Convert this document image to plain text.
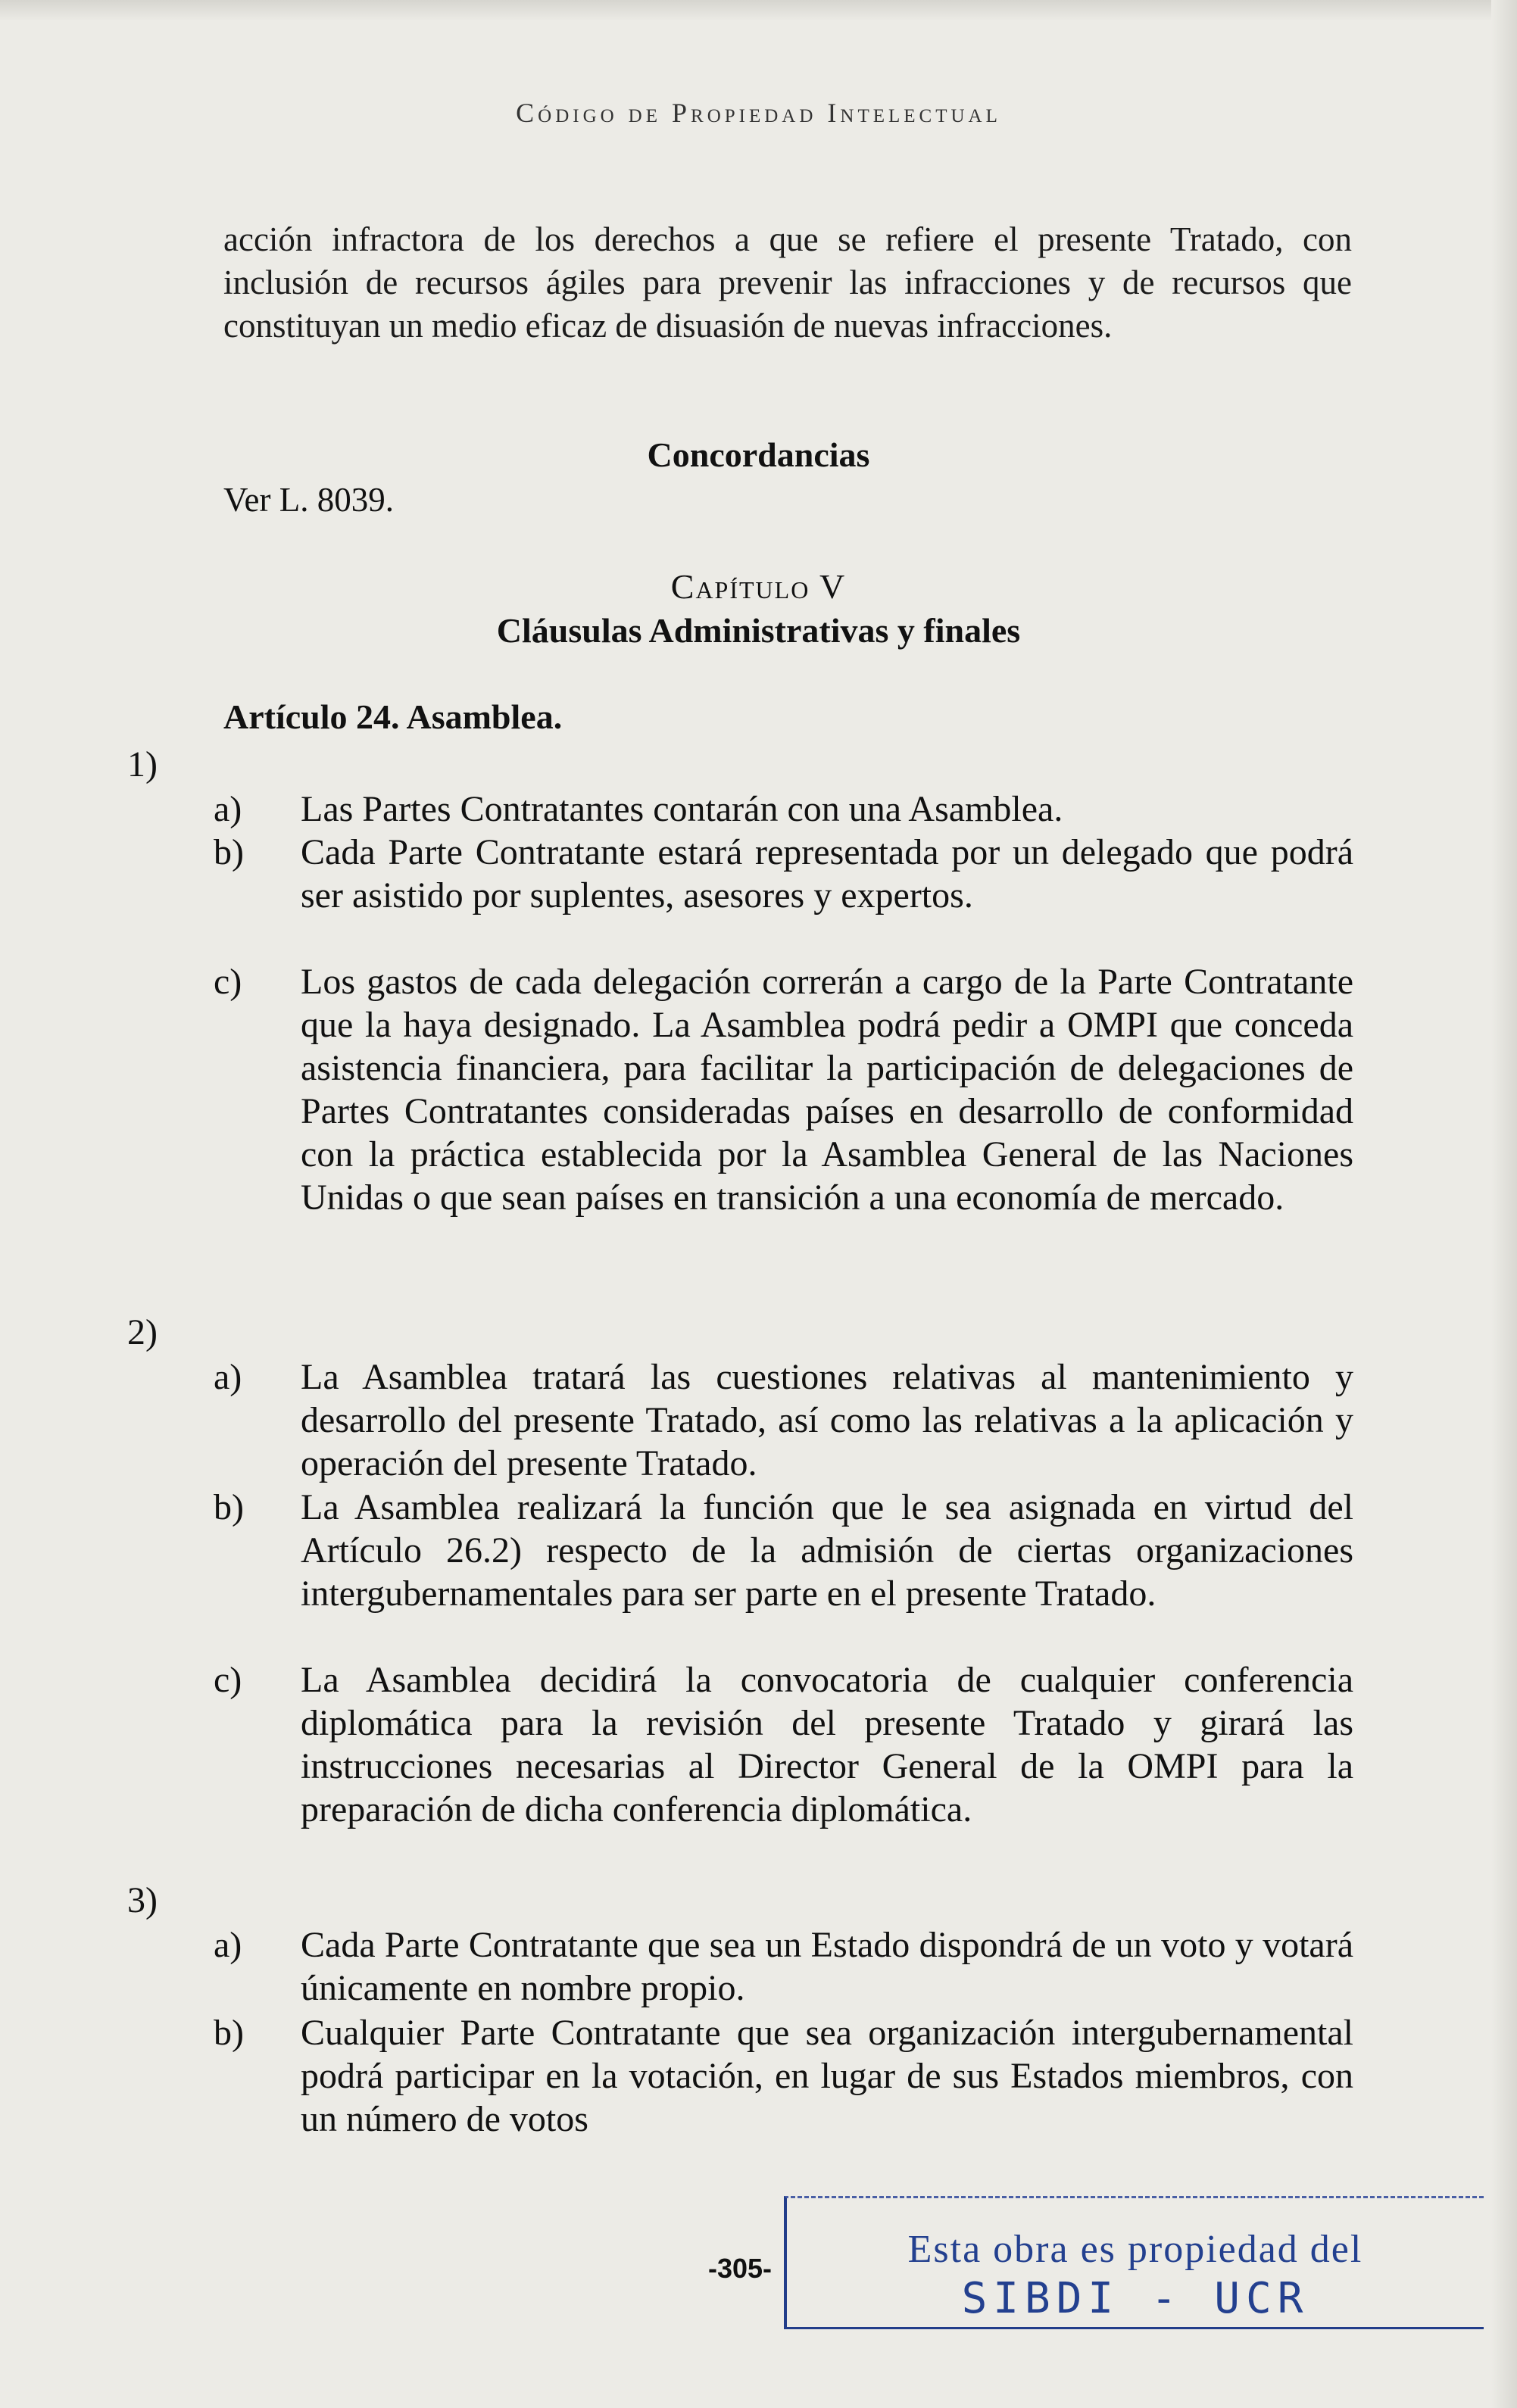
Código de Propiedad Intelectual
acción infractora de los derechos a que se refiere el presente Tratado, con inclusión de recursos ágiles para prevenir las infracciones y de recursos que constituyan un medio eficaz de disuasión de nuevas infracciones.
Concordancias
Ver L. 8039.
Capítulo V
Cláusulas Administrativas y finales
Artículo 24. Asamblea.
1)
a) Las Partes Contratantes contarán con una Asamblea.
b) Cada Parte Contratante estará representada por un delegado que podrá ser asistido por suplentes, asesores y expertos.
c) Los gastos de cada delegación correrán a cargo de la Parte Contratante que la haya designado. La Asamblea podrá pedir a OMPI que conceda asistencia financiera, para facilitar la participación de delegaciones de Partes Contratantes consideradas países en desarrollo de conformidad con la práctica establecida por la Asamblea General de las Naciones Unidas o que sean países en transición a una economía de mercado.
2)
a) La Asamblea tratará las cuestiones relativas al mantenimiento y desarrollo del presente Tratado, así como las relativas a la aplicación y operación del presente Tratado.
b) La Asamblea realizará la función que le sea asignada en virtud del Artículo 26.2) respecto de la admisión de ciertas organizaciones intergubernamentales para ser parte en el presente Tratado.
c) La Asamblea decidirá la convocatoria de cualquier conferencia diplomática para la revisión del presente Tratado y girará las instrucciones necesarias al Director General de la OMPI para la preparación de dicha conferencia diplomática.
3)
a) Cada Parte Contratante que sea un Estado dispondrá de un voto y votará únicamente en nombre propio.
b) Cualquier Parte Contratante que sea organización intergubernamental podrá participar en la votación, en lugar de sus Estados miembros, con un número de votos
-305-	Esta obra es propiedad del
SIBDI - UCR
